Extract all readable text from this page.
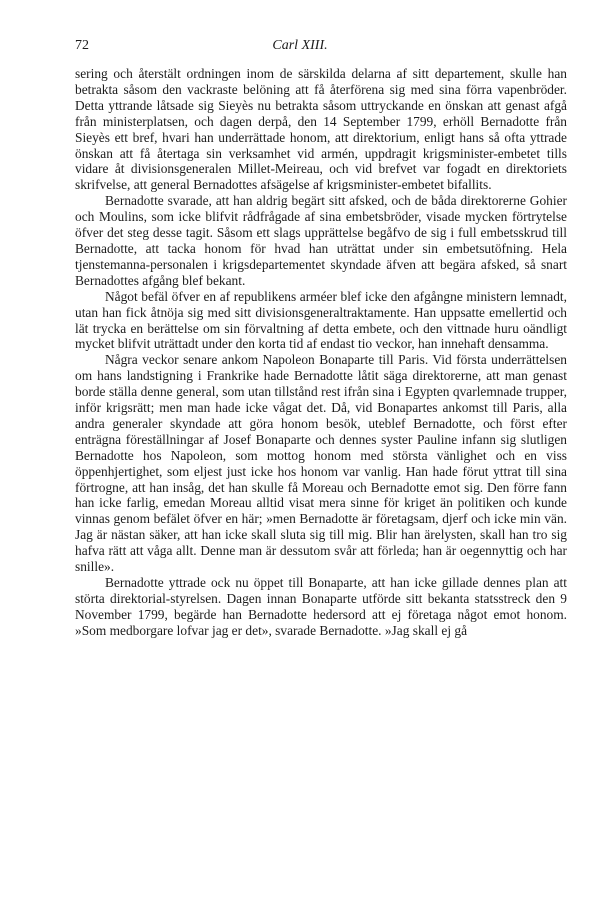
72	Carl XIII.

sering och återstält ordningen inom de särskilda delarna af sitt departement, skulle han betrakta såsom den vackraste belöning att få återförena sig med sina förra vapenbröder. Detta yttrande låtsade sig Sieyès nu betrakta såsom uttryckande en önskan att genast afgå från ministerplatsen, och dagen derpå, den 14 September 1799, erhöll Bernadotte från Sieyès ett bref, hvari han underrättade honom, att direktorium, enligt hans så ofta yttrade önskan att få återtaga sin verksamhet vid armén, uppdragit krigsminister-embetet tills vidare åt divisionsgeneralen Millet-Meireau, och vid brefvet var fogadt en direktoriets skrifvelse, att general Bernadottes afsägelse af krigsminister-embetet bifallits.

Bernadotte svarade, att han aldrig begärt sitt afsked, och de båda direktorerne Gohier och Moulins, som icke blifvit rådfrågade af sina embetsbröder, visade mycken förtrytelse öfver det steg desse tagit. Såsom ett slags upprättelse begåfvo de sig i full embetsskrud till Bernadotte, att tacka honom för hvad han uträttat under sin embetsutöfning. Hela tjenstemanna-personalen i krigsdepartementet skyndade äfven att begära afsked, så snart Bernadottes afgång blef bekant.

Något befäl öfver en af republikens arméer blef icke den afgångne ministern lemnadt, utan han fick åtnöja sig med sitt divisionsgeneraltraktamente. Han uppsatte emellertid och lät trycka en berättelse om sin förvaltning af detta embete, och den vittnade huru oändligt mycket blifvit uträttadt under den korta tid af endast tio veckor, han innehaft densamma.

Några veckor senare ankom Napoleon Bonaparte till Paris. Vid första underrättelsen om hans landstigning i Frankrike hade Bernadotte låtit säga direktorerne, att man genast borde ställa denne general, som utan tillstånd rest ifrån sina i Egypten qvarlemnade trupper, inför krigsrätt; men man hade icke vågat det. Då, vid Bonapartes ankomst till Paris, alla andra generaler skyndade att göra honom besök, uteblef Bernadotte, och först efter enträgna föreställningar af Josef Bonaparte och dennes syster Pauline infann sig slutligen Bernadotte hos Napoleon, som mottog honom med största vänlighet och en viss öppenhjertighet, som eljest just icke hos honom var vanlig. Han hade förut yttrat till sina förtrogne, att han insåg, det han skulle få Moreau och Bernadotte emot sig. Den förre fann han icke farlig, emedan Moreau alltid visat mera sinne för kriget än politiken och kunde vinnas genom befälet öfver en här; »men Bernadotte är företagsam, djerf och icke min vän. Jag är nästan säker, att han icke skall sluta sig till mig. Blir han ärelysten, skall han tro sig hafva rätt att våga allt. Denne man är dessutom svår att förleda; han är oegennyttig och har snille».

Bernadotte yttrade ock nu öppet till Bonaparte, att han icke gillade dennes plan att störta direktorial-styrelsen. Dagen innan Bonaparte utförde sitt bekanta statsstreck den 9 November 1799, begärde han Bernadotte hedersord att ej företaga något emot honom. »Som medborgare lofvar jag er det», svarade Bernadotte. »Jag skall ej gå
